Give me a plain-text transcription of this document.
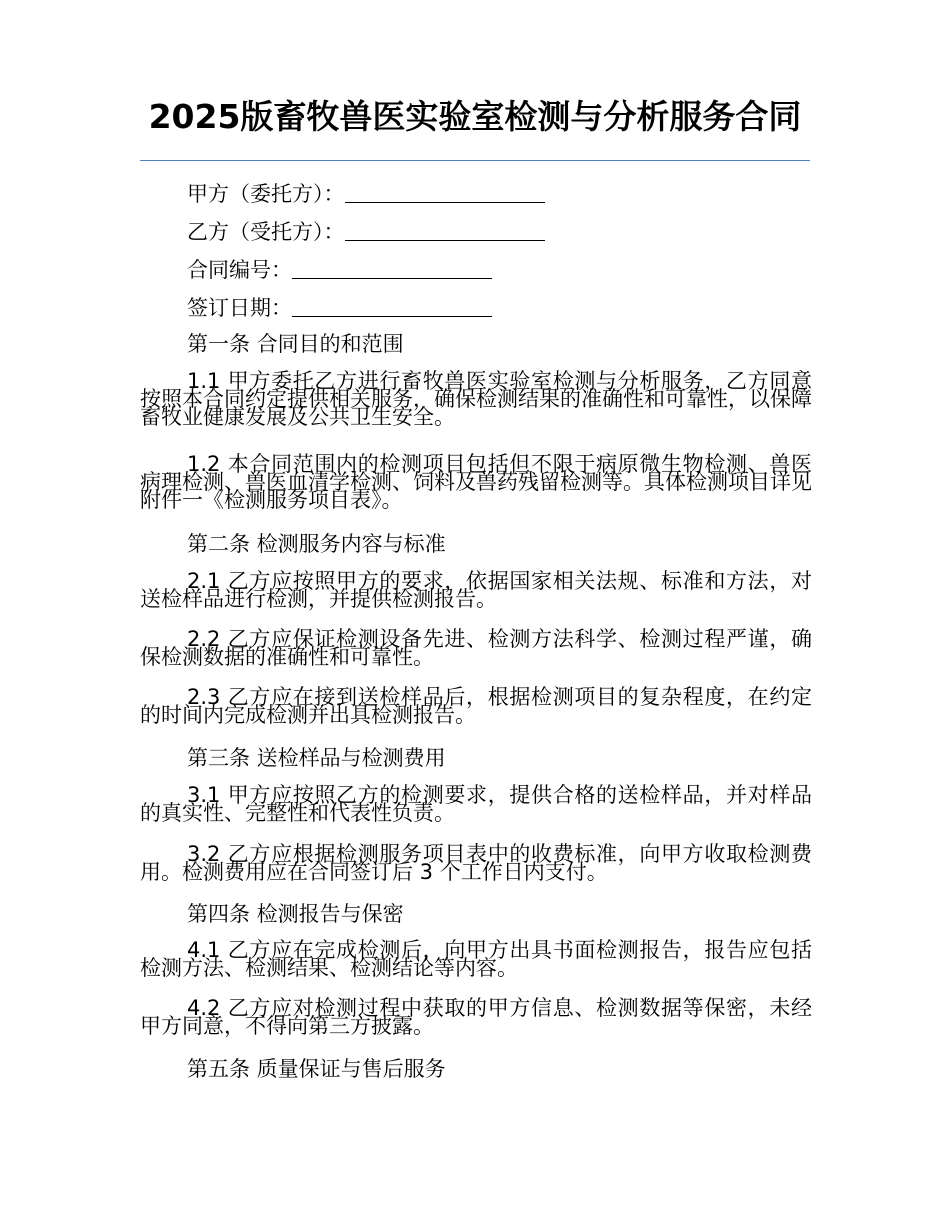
2025版畜牧兽医实验室检测与分析服务合同
甲方（委托方）：
乙方（受托方）：
合同编号：
签订日期：
第一条 合同目的和范围
1.1 甲方委托乙方进行畜牧兽医实验室检测与分析服务，乙方同意按照本合同约定提供相关服务，确保检测结果的准确性和可靠性，以保障畜牧业健康发展及公共卫生安全。
1.2 本合同范围内的检测项目包括但不限于病原微生物检测、兽医病理检测、兽医血清学检测、饲料及兽药残留检测等。具体检测项目详见附件一《检测服务项目表》。
第二条 检测服务内容与标准
2.1 乙方应按照甲方的要求，依据国家相关法规、标准和方法，对送检样品进行检测，并提供检测报告。
2.2 乙方应保证检测设备先进、检测方法科学、检测过程严谨，确保检测数据的准确性和可靠性。
2.3 乙方应在接到送检样品后，根据检测项目的复杂程度，在约定的时间内完成检测并出具检测报告。
第三条 送检样品与检测费用
3.1 甲方应按照乙方的检测要求，提供合格的送检样品，并对样品的真实性、完整性和代表性负责。
3.2 乙方应根据检测服务项目表中的收费标准，向甲方收取检测费用。检测费用应在合同签订后 3 个工作日内支付。
第四条 检测报告与保密
4.1 乙方应在完成检测后，向甲方出具书面检测报告，报告应包括检测方法、检测结果、检测结论等内容。
4.2 乙方应对检测过程中获取的甲方信息、检测数据等保密，未经甲方同意，不得向第三方披露。
第五条 质量保证与售后服务
